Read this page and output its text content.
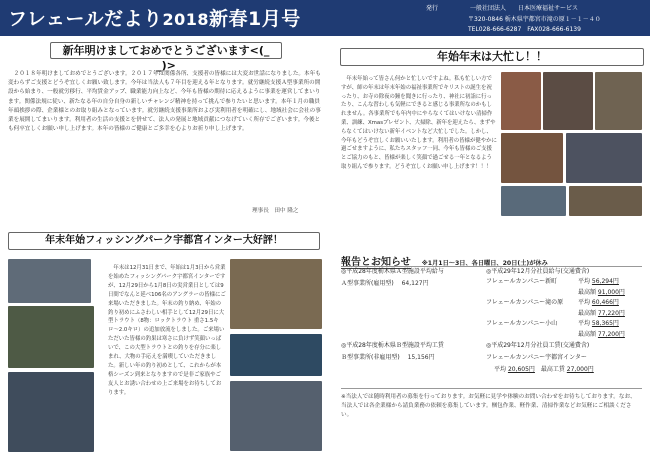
フレェールだより2018新春1月号	発行	一般社団法人 日本医療福祉サービス
〒320-0846 栃木県宇都宮市滝の原１－１－４０
TEL028-666-6287　FAX028-666-6139
新年明けましておめでとうございます<(_ _)>

２０１８年明けましておめでとうございます。２０１７年は関係各所、支援者の皆様には大変お世話になりました。本年も変わらずご支援とどうぞ宜しくお願い致します。今年は当法人も７年目を迎える年となります。就労継続支援Ａ型事業所の開設から始まり、一般就労移行、平均賃金アップ、職業能力向上など、今年も皆様の期待に応えるように事業を運営してまいります。関係法規に従い、新たなる年の自分自身の新しいチャレンジ精神を持って挑んで参りたいと思います。本年１月の職員年頭挨拶の際、企業様とのお取り組みとなっています。就労継続支援事業所および実利用者を明確にし、地域社会に会社の事業を展開してまいります。利用者の生活の支援とを併せて、法人の発展と地域貢献につなげていく所存でございます。今後とも何卒宜しくお願い申し上げます。本年の皆様のご健康とご多幸を心よりお祈り申し上げます。

理事長　田中 隆之
年末年始フィッシングパーク宇都宮インター大好評！

年末は12月31日まで、年始は1月3日から営業を始めたフィッシングパーク宇都宮インターですが、12月29日から1月8日の実営業日としては9日間でなんと延べ106名のアングラーの皆様にご来場いただきました。年末の釣り納め、年始の釣り初めにふさわしい相手として12月29日に大型トラウト（8物：ロックトラウト 重さ1.5キロ〜2.0キロ）の追加放流をしました。ご来場いただいた皆様の釣果は寒さに負けず笑顔いっぱいで、この大型トラウトとの釣りを存分に楽しまれ、大物の手応えを満喫していただきました。新しい年の釣り初めとして、これからが本格シーズン到来となりますので是非ご家族やご友人とお誘い合わせの上ご来場をお待ちしております。

年始年末は大忙し！！

年末年始って皆さん何かと忙しいですよね。私も忙しい方ですが、師の年末は年末年始の福祉事業所でキリストの誕生を祝ったり、お寺の除夜の鐘を聞きに行ったり、神社に初詣に行ったり、こんな習わしも気軽にできると感じる事業所なのかもしれません。各事業所でも年内中にやらなくてはいけない清掃作業、訓練、Xmasプレゼント、大掃除、新年を迎えたら、まずやらなくてはいけない新年イベントなど大忙しでした。しかし、今年もどうぞ宜しくお願いいたします。利用者の皆様が健やかに過ごせますように、私たちスタッフ一同、今年も皆様のご支援とご協力のもと、皆様が楽しく笑顔で過ごせる一年となるよう取り組んで参ります。どうぞ宜しくお願い申し上げます！！！

報告とお知らせ ※1月1日〜3日、各日曜日、20日(土)が休み
◎平成28年度栃木県Ａ型施設平均給与
Ａ型事業所(雇用型) 64,127円
◎平成28年度栃木県Ｂ型施設平均工賃
Ｂ型事業所(非雇用型) 15,156円
◎平成29年12月分社員給与(交通費含)
フレェールカンパニー新町	平均 56,294円
最高額 91,000円
フレェールカンパニー滝の原 平均 60,466円
最高額 77,220円
フレェールカンパニー小山	平均 58,365円
最高額 77,200円
◎平成29年12月分社員工賃(交通費含)
フレェールカンパニー宇都宮インター
平均 20,605円 最高工賃 27,000円
※当法人では随時利用者の募集を行っております。お気軽に見学や体験のお問い合わせをお待ちしております。なお、当法人では各企業様から請負業務の依頼を募集しています。梱包作業、軽作業、清掃作業などお気軽にご相談ください。
